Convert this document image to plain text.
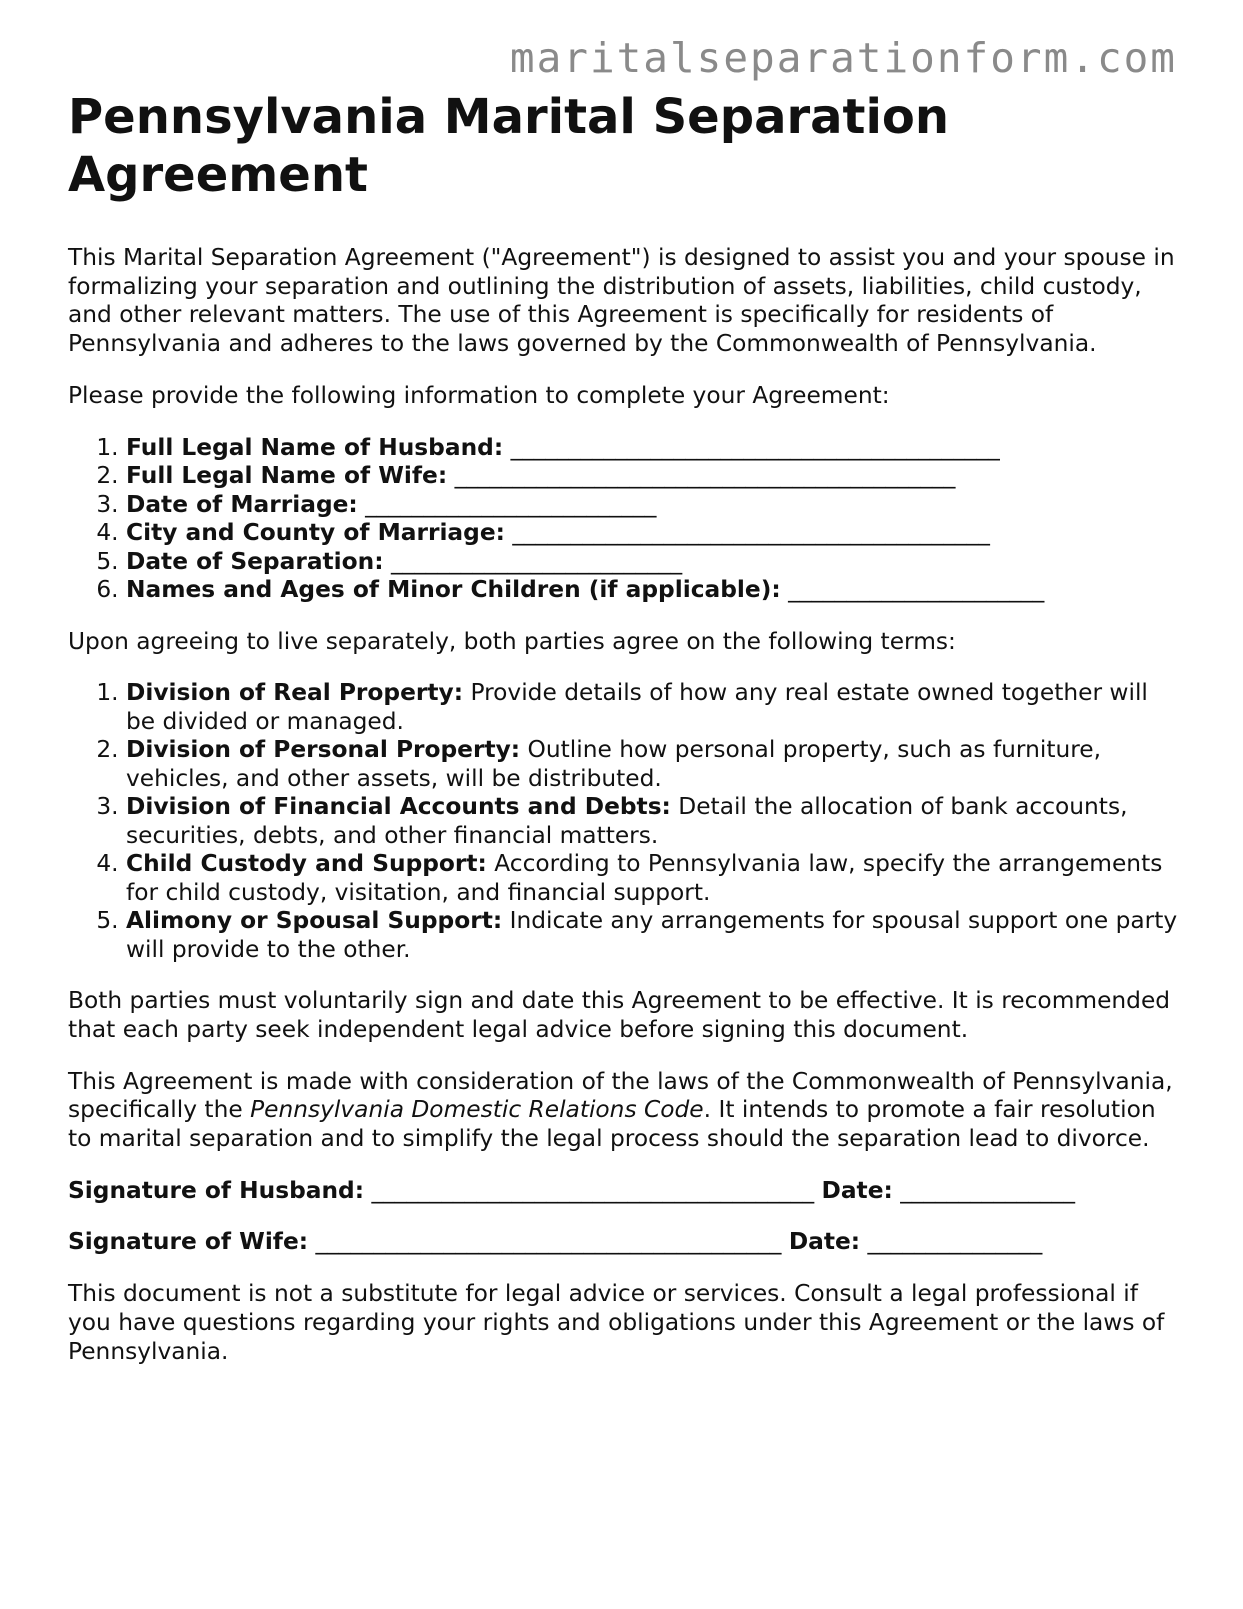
maritalseparationform.com
Pennsylvania Marital Separation Agreement

This Marital Separation Agreement ("Agreement") is designed to assist you and your spouse in formalizing your separation and outlining the distribution of assets, liabilities, child custody, and other relevant matters. The use of this Agreement is specifically for residents of Pennsylvania and adheres to the laws governed by the Commonwealth of Pennsylvania.

Please provide the following information to complete your Agreement:

1. Full Legal Name of Husband: __________________________________________
2. Full Legal Name of Wife: ___________________________________________
3. Date of Marriage: _________________________
4. City and County of Marriage: _________________________________________
5. Date of Separation: _________________________
6. Names and Ages of Minor Children (if applicable): ______________________

Upon agreeing to live separately, both parties agree on the following terms:

1. Division of Real Property: Provide details of how any real estate owned together will be divided or managed.
2. Division of Personal Property: Outline how personal property, such as furniture, vehicles, and other assets, will be distributed.
3. Division of Financial Accounts and Debts: Detail the allocation of bank accounts, securities, debts, and other financial matters.
4. Child Custody and Support: According to Pennsylvania law, specify the arrangements for child custody, visitation, and financial support.
5. Alimony or Spousal Support: Indicate any arrangements for spousal support one party will provide to the other.

Both parties must voluntarily sign and date this Agreement to be effective. It is recommended that each party seek independent legal advice before signing this document.

This Agreement is made with consideration of the laws of the Commonwealth of Pennsylvania, specifically the Pennsylvania Domestic Relations Code. It intends to promote a fair resolution to marital separation and to simplify the legal process should the separation lead to divorce.

Signature of Husband: ______________________________________ Date: _______________
Signature of Wife: ________________________________________ Date: _______________

This document is not a substitute for legal advice or services. Consult a legal professional if you have questions regarding your rights and obligations under this Agreement or the laws of Pennsylvania.
